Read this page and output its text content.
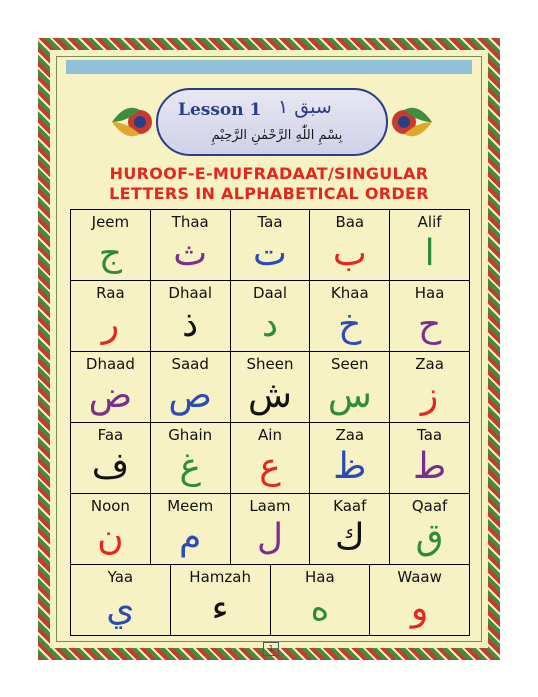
Lesson 1 سبق ١
بِسْمِ اللّٰهِ الرَّحْمٰنِ الرَّحِيْمِ
HUROOF-E-MUFRADAAT/SINGULAR
LETTERS IN ALPHABETICAL ORDER
Jeem
ج
Thaa
ث
Taa
ت
Baa
ب
Alif
ا
Raa
ر
Dhaal
ذ
Daal
د
Khaa
خ
Haa
ح
Dhaad
ض
Saad
ص
Sheen
ش
Seen
س
Zaa
ز
Faa
ف
Ghain
غ
Ain
ع
Zaa
ظ
Taa
ط
Noon
ن
Meem
م
Laam
ل
Kaaf
ك
Qaaf
ق
Yaa
ي
Hamzah
ء
Haa
ه
Waaw
و
1
